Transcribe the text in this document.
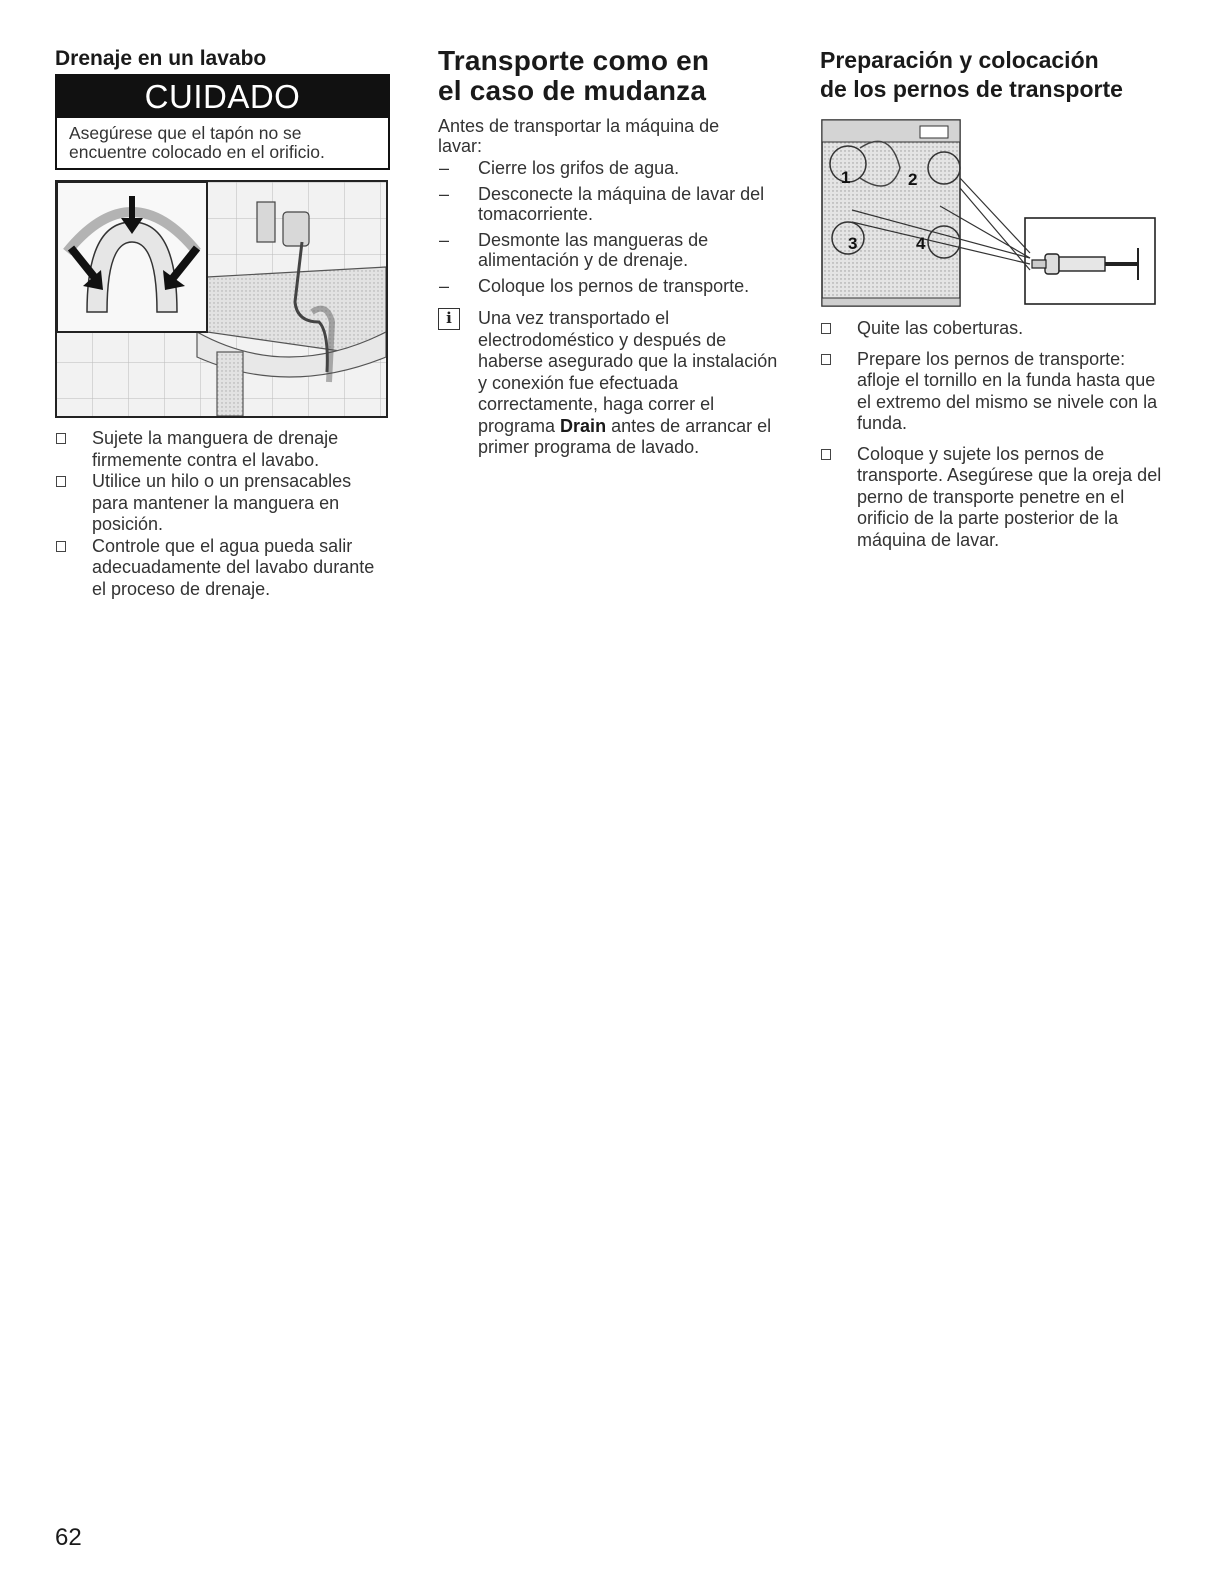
Drenaje en un lavabo
CUIDADO
Asegúrese que el tapón no se encuentre colocado en el orificio.
Sujete la manguera de drenaje firmemente contra el lavabo.
Utilice un hilo o un prensacables para mantener la manguera en posición.
Controle que el agua pueda salir adecuadamente del lavabo durante el proceso de drenaje.
Transporte como en
el caso de mudanza

Antes de transportar la máquina de lavar:

– Cierre los grifos de agua.
– Desconecte la máquina de lavar del tomacorriente.
– Desmonte las mangueras de alimentación y de drenaje.
– Coloque los pernos de transporte.
i	Una vez transportado el electrodoméstico y después de haberse asegurado que la instalación y conexión fue efectuada correctamente, haga correr el programa Drain antes de arrancar el primer programa de lavado.
Preparación y colocación
de los pernos de transporte
1	2
3	4
Quite las coberturas.
Prepare los pernos de transporte: afloje el tornillo en la funda hasta que el extremo del mismo se nivele con la funda.
Coloque y sujete los pernos de transporte. Asegúrese que la oreja del perno de transporte penetre en el orificio de la parte posterior de la máquina de lavar.
62
